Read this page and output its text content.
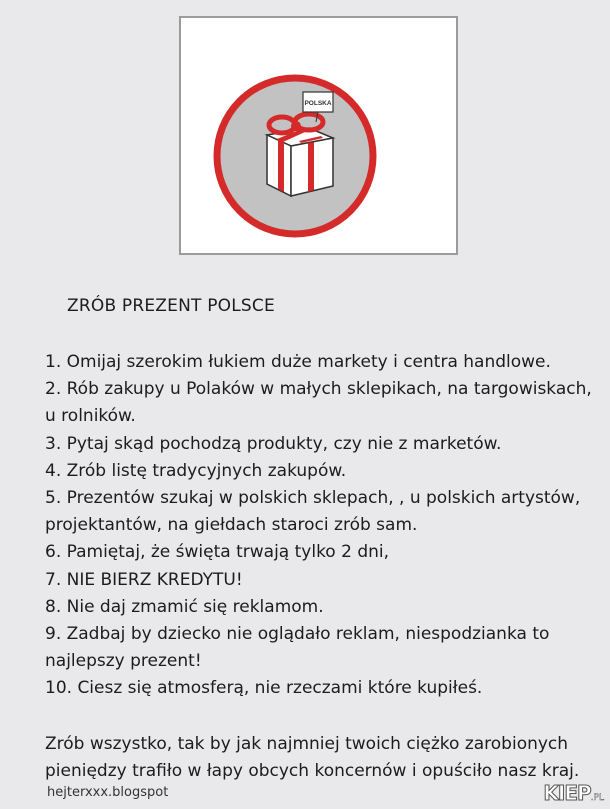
POLSKA
ZRÓB PREZENT POLSCE
1. Omijaj szerokim łukiem duże markety i centra handlowe.
2. Rób zakupy u Polaków w małych sklepikach, na targowiskach,
u rolników.
3. Pytaj skąd pochodzą produkty, czy nie z marketów.
4. Zrób listę tradycyjnych zakupów.
5. Prezentów szukaj w polskich sklepach, , u polskich artystów,
projektantów, na giełdach staroci zrób sam.
6. Pamiętaj, że święta trwają tylko 2 dni,
7. NIE BIERZ KREDYTU!
8. Nie daj zmamić się reklamom.
9. Zadbaj by dziecko nie oglądało reklam, niespodzianka to
najlepszy prezent!
10. Ciesz się atmosferą, nie rzeczami które kupiłeś.
Zrób wszystko, tak by jak najmniej twoich ciężko zarobionych
pieniędzy trafiło w łapy obcych koncernów i opuściło nasz kraj.
hejterxxx.blogspot	KIEP.PL
